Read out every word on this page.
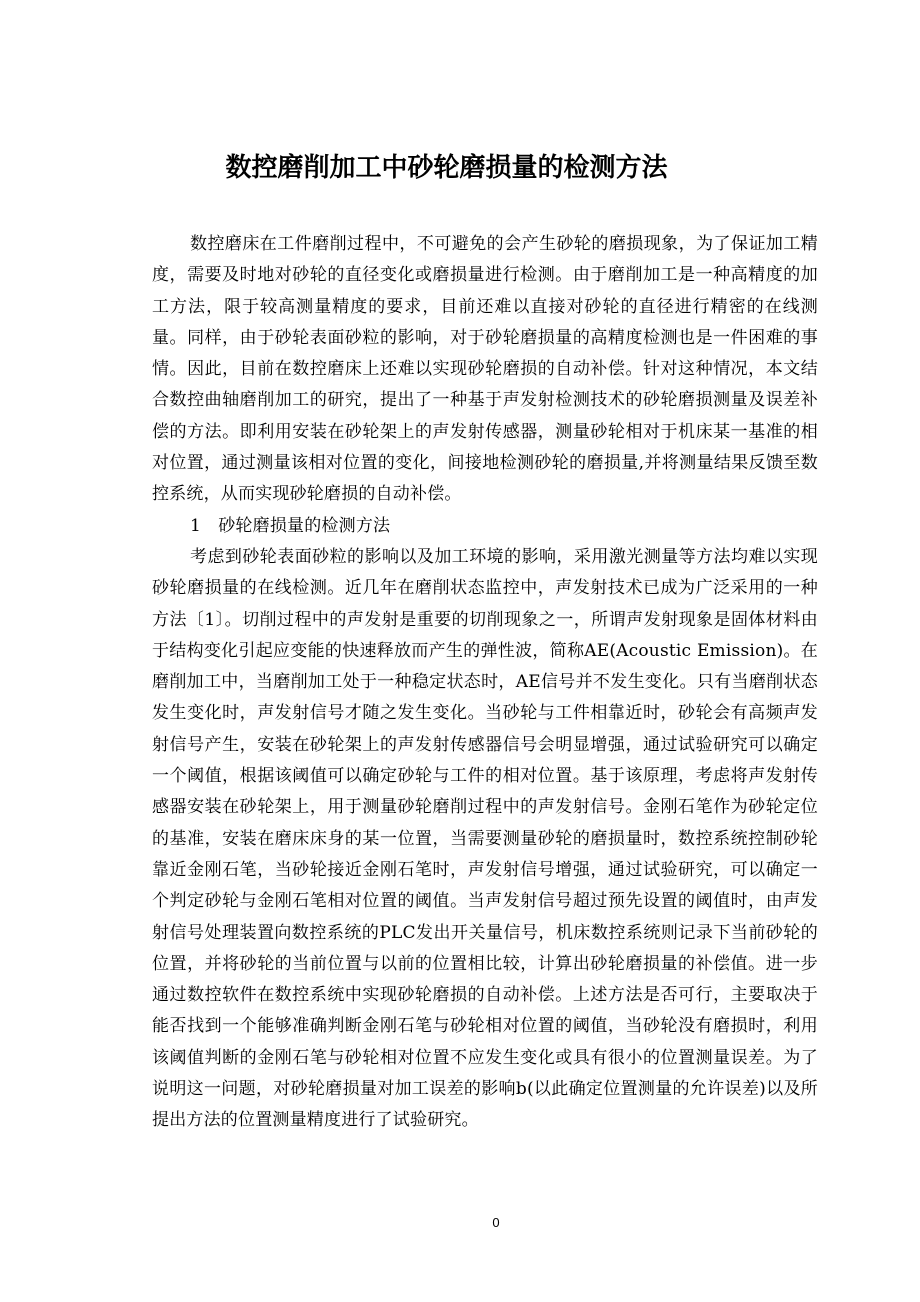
数控磨削加工中砂轮磨损量的检测方法

数控磨床在工件磨削过程中，不可避免的会产生砂轮的磨损现象，为了保证加工精度，需要及时地对砂轮的直径变化或磨损量进行检测。由于磨削加工是一种高精度的加工方法，限于较高测量精度的要求，目前还难以直接对砂轮的直径进行精密的在线测量。同样，由于砂轮表面砂粒的影响，对于砂轮磨损量的高精度检测也是一件困难的事情。因此，目前在数控磨床上还难以实现砂轮磨损的自动补偿。针对这种情况，本文结合数控曲轴磨削加工的研究，提出了一种基于声发射检测技术的砂轮磨损测量及误差补偿的方法。即利用安装在砂轮架上的声发射传感器，测量砂轮相对于机床某一基准的相对位置，通过测量该相对位置的变化，间接地检测砂轮的磨损量,并将测量结果反馈至数控系统，从而实现砂轮磨损的自动补偿。

1　砂轮磨损量的检测方法

考虑到砂轮表面砂粒的影响以及加工环境的影响，采用激光测量等方法均难以实现砂轮磨损量的在线检测。近几年在磨削状态监控中，声发射技术已成为广泛采用的一种方法〔1〕。切削过程中的声发射是重要的切削现象之一，所谓声发射现象是固体材料由于结构变化引起应变能的快速释放而产生的弹性波，简称AE(Acoustic Emission)。在磨削加工中，当磨削加工处于一种稳定状态时，AE信号并不发生变化。只有当磨削状态发生变化时，声发射信号才随之发生变化。当砂轮与工件相靠近时，砂轮会有高频声发射信号产生，安装在砂轮架上的声发射传感器信号会明显增强，通过试验研究可以确定一个阈值，根据该阈值可以确定砂轮与工件的相对位置。基于该原理，考虑将声发射传感器安装在砂轮架上，用于测量砂轮磨削过程中的声发射信号。金刚石笔作为砂轮定位的基准，安装在磨床床身的某一位置，当需要测量砂轮的磨损量时，数控系统控制砂轮靠近金刚石笔，当砂轮接近金刚石笔时，声发射信号增强，通过试验研究，可以确定一个判定砂轮与金刚石笔相对位置的阈值。当声发射信号超过预先设置的阈值时，由声发射信号处理装置向数控系统的PLC发出开关量信号，机床数控系统则记录下当前砂轮的位置，并将砂轮的当前位置与以前的位置相比较，计算出砂轮磨损量的补偿值。进一步通过数控软件在数控系统中实现砂轮磨损的自动补偿。上述方法是否可行，主要取决于能否找到一个能够准确判断金刚石笔与砂轮相对位置的阈值，当砂轮没有磨损时，利用该阈值判断的金刚石笔与砂轮相对位置不应发生变化或具有很小的位置测量误差。为了说明这一问题，对砂轮磨损量对加工误差的影响b(以此确定位置测量的允许误差)以及所提出方法的位置测量精度进行了试验研究。

0
